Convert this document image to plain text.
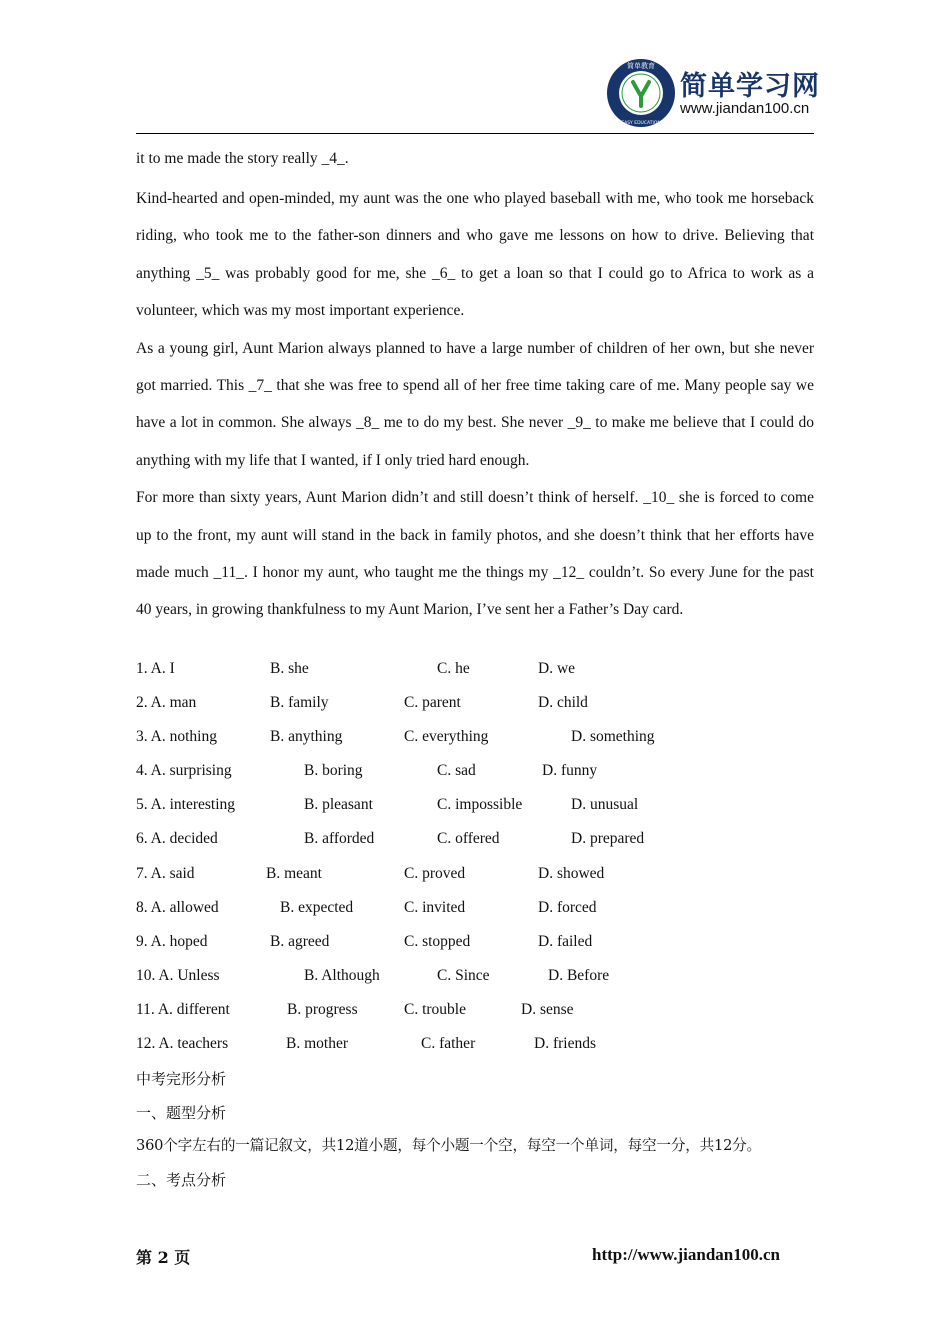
简单教育
EASY EDUCATION
简单学习网
www.jiandan100.cn

it to me made the story really _4_.

Kind-hearted and open-minded, my aunt was the one who played baseball with me, who took me horseback riding, who took me to the father-son dinners and who gave me lessons on how to drive. Believing that anything _5_ was probably good for me, she _6_ to get a loan so that I could go to Africa to work as a volunteer, which was my most important experience.

As a young girl, Aunt Marion always planned to have a large number of children of her own, but she never got married. This _7_ that she was free to spend all of her free time taking care of me. Many people say we have a lot in common. She always _8_ me to do my best. She never _9_ to make me believe that I could do anything with my life that I wanted, if I only tried hard enough.

For more than sixty years, Aunt Marion didn’t and still doesn’t think of herself. _10_ she is forced to come up to the front, my aunt will stand in the back in family photos, and she doesn’t think that her efforts have made much _11_. I honor my aunt, who taught me the things my _12_ couldn’t. So every June for the past 40 years, in growing thankfulness to my Aunt Marion, I’ve sent her a Father’s Day card.

1. A. I	B. she	C. he	D. we
2. A. man	B. family	C. parent	D. child
3. A. nothing	B. anything	C. everything	D. something
4. A. surprising	B. boring	C. sad	D. funny
5. A. interesting	B. pleasant	C. impossible	D. unusual
6. A. decided	B. afforded	C. offered	D. prepared
7. A. said	B. meant	C. proved	D. showed
8. A. allowed	B. expected	C. invited	D. forced
9. A. hoped	B. agreed	C. stopped	D. failed
10. A. Unless	B. Although	C. Since	D. Before
11. A. different	B. progress	C. trouble	D. sense
12. A. teachers	B. mother	C. father	D. friends
中考完形分析
一、题型分析
360个字左右的一篇记叙文，共12道小题，每个小题一个空，每空一个单词，每空一分，共12分。
二、考点分析
第 2 页	http://www.jiandan100.cn
